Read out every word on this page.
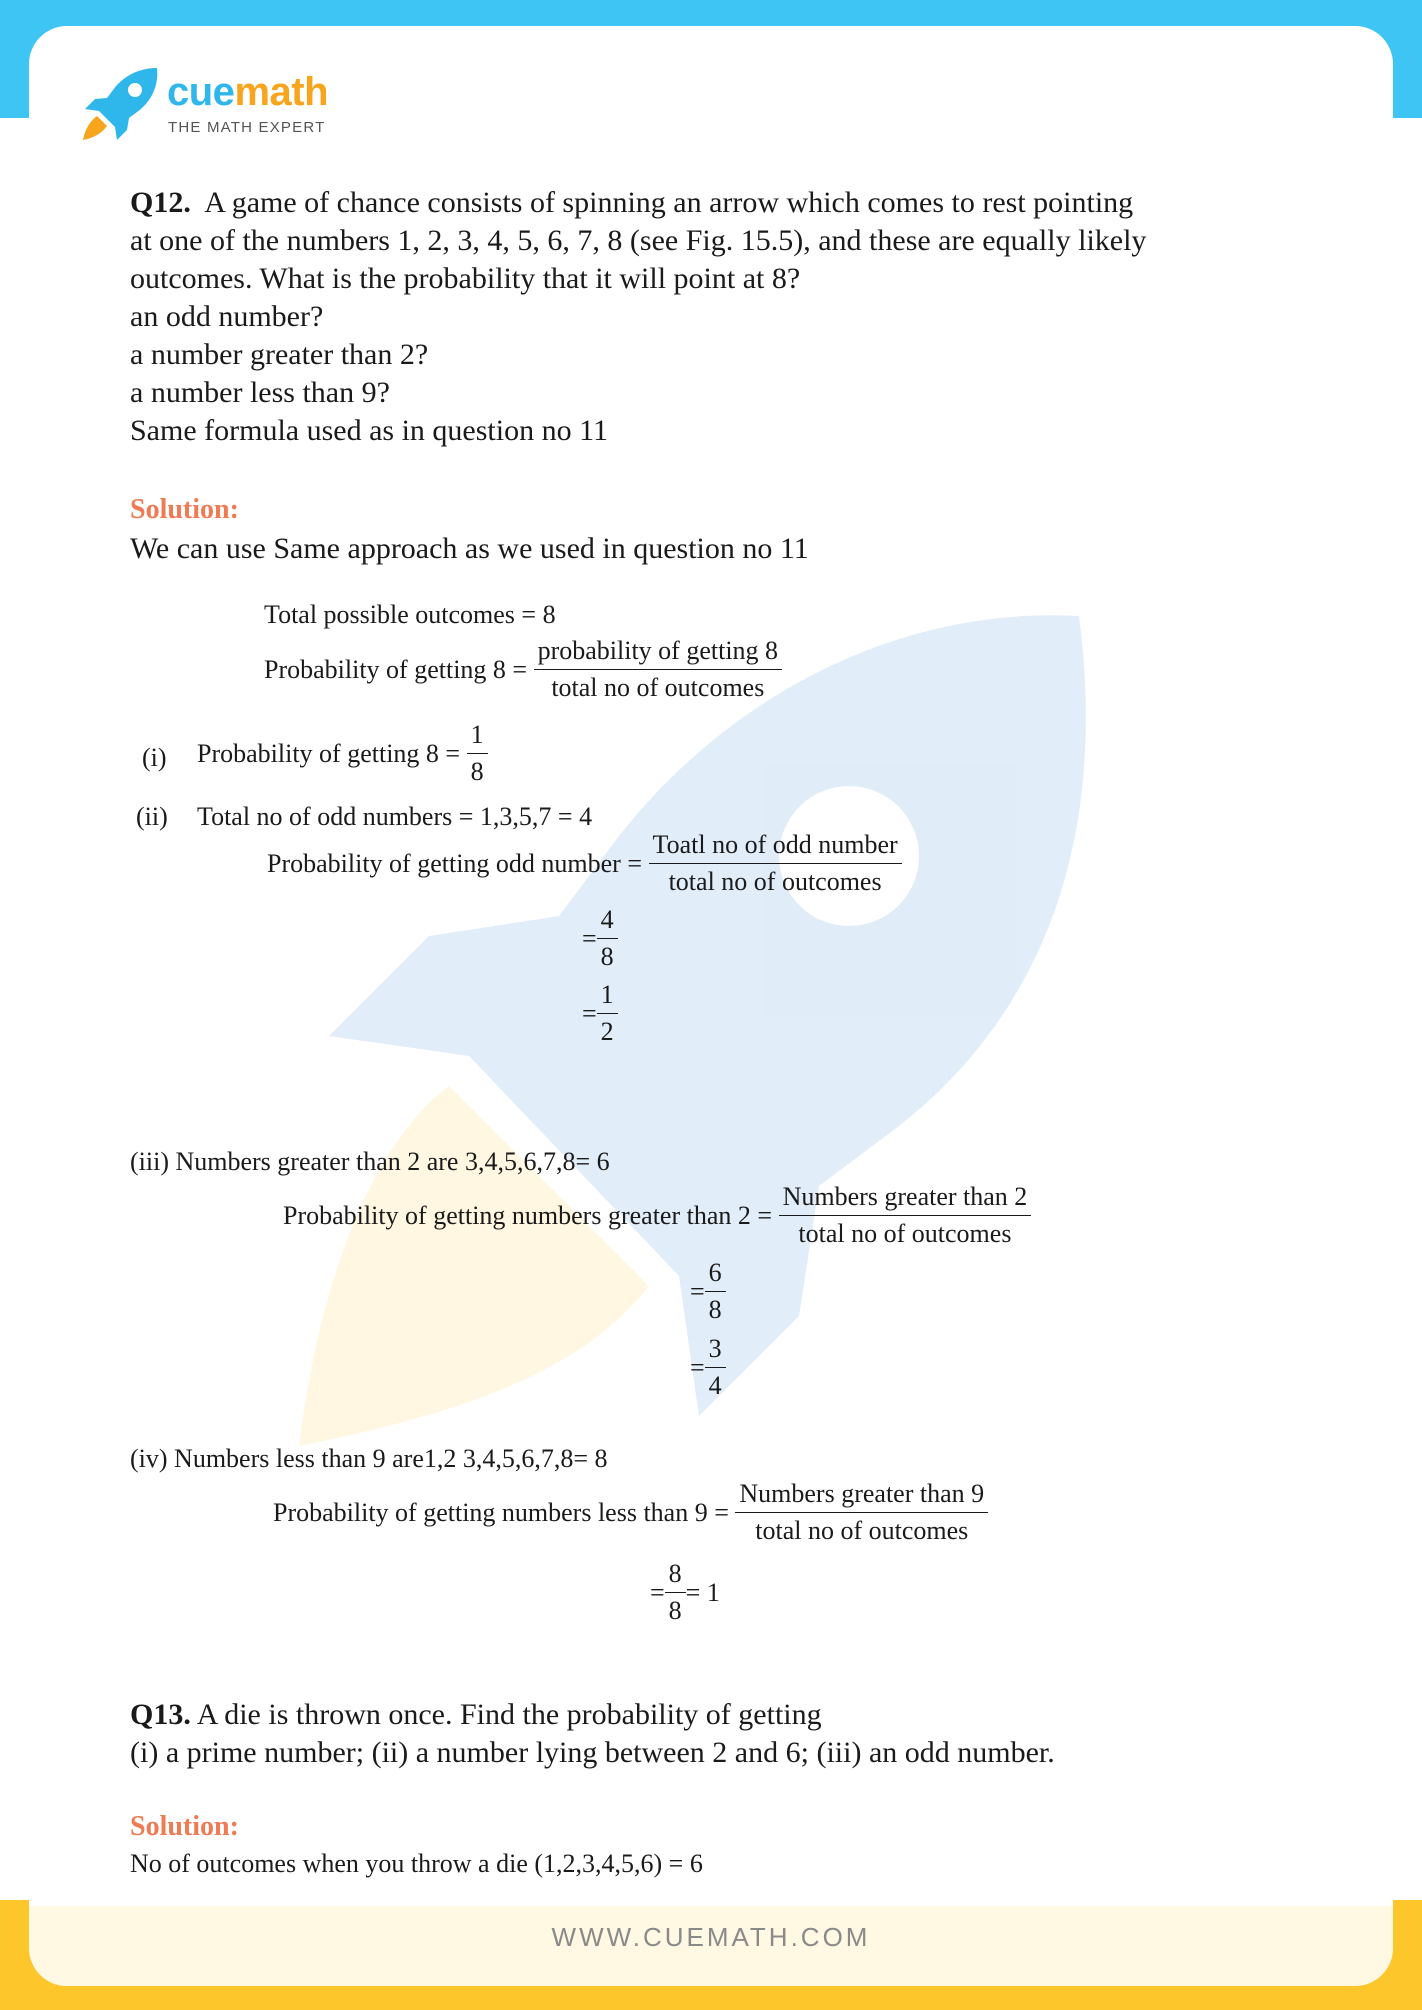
cuemath
THE MATH EXPERT
Q12. A game of chance consists of spinning an arrow which comes to rest pointing
at one of the numbers 1, 2, 3, 4, 5, 6, 7, 8 (see Fig. 15.5), and these are equally likely
outcomes. What is the probability that it will point at 8?
an odd number?
a number greater than 2?
a number less than 9?
Same formula used as in question no 11
Solution:
We can use Same approach as we used in question no 11
Total possible outcomes = 8
Probability of getting 8 =
$\frac{\text{probability of getting 8}}{\text{total no of outcomes}}$
(i) Probability of getting 8 =
$\frac{1}{8}$
(ii) Total no of odd numbers = 1,3,5,7 = 4
Probability of getting odd number =
$\frac{\text{Toatl no of odd number}}{\text{total no of outcomes}}$
= $\frac{4}{8}$
= $\frac{1}{2}$
(iii) Numbers greater than 2 are 3,4,5,6,7,8= 6
Probability of getting numbers greater than 2 =
$\frac{\text{Numbers greater than 2}}{\text{total no of outcomes}}$
= $\frac{6}{8}$
= $\frac{3}{4}$
(iv) Numbers less than 9 are1,2 3,4,5,6,7,8= 8
Probability of getting numbers less than 9 =
$\frac{\text{Numbers greater than 9}}{\text{total no of outcomes}}$
= $\frac{8}{8} = 1$
Q13. A die is thrown once. Find the probability of getting
(i) a prime number; (ii) a number lying between 2 and 6; (iii) an odd number.
Solution:
No of outcomes when you throw a die (1,2,3,4,5,6) = 6
WWW.CUEMATH.COM
